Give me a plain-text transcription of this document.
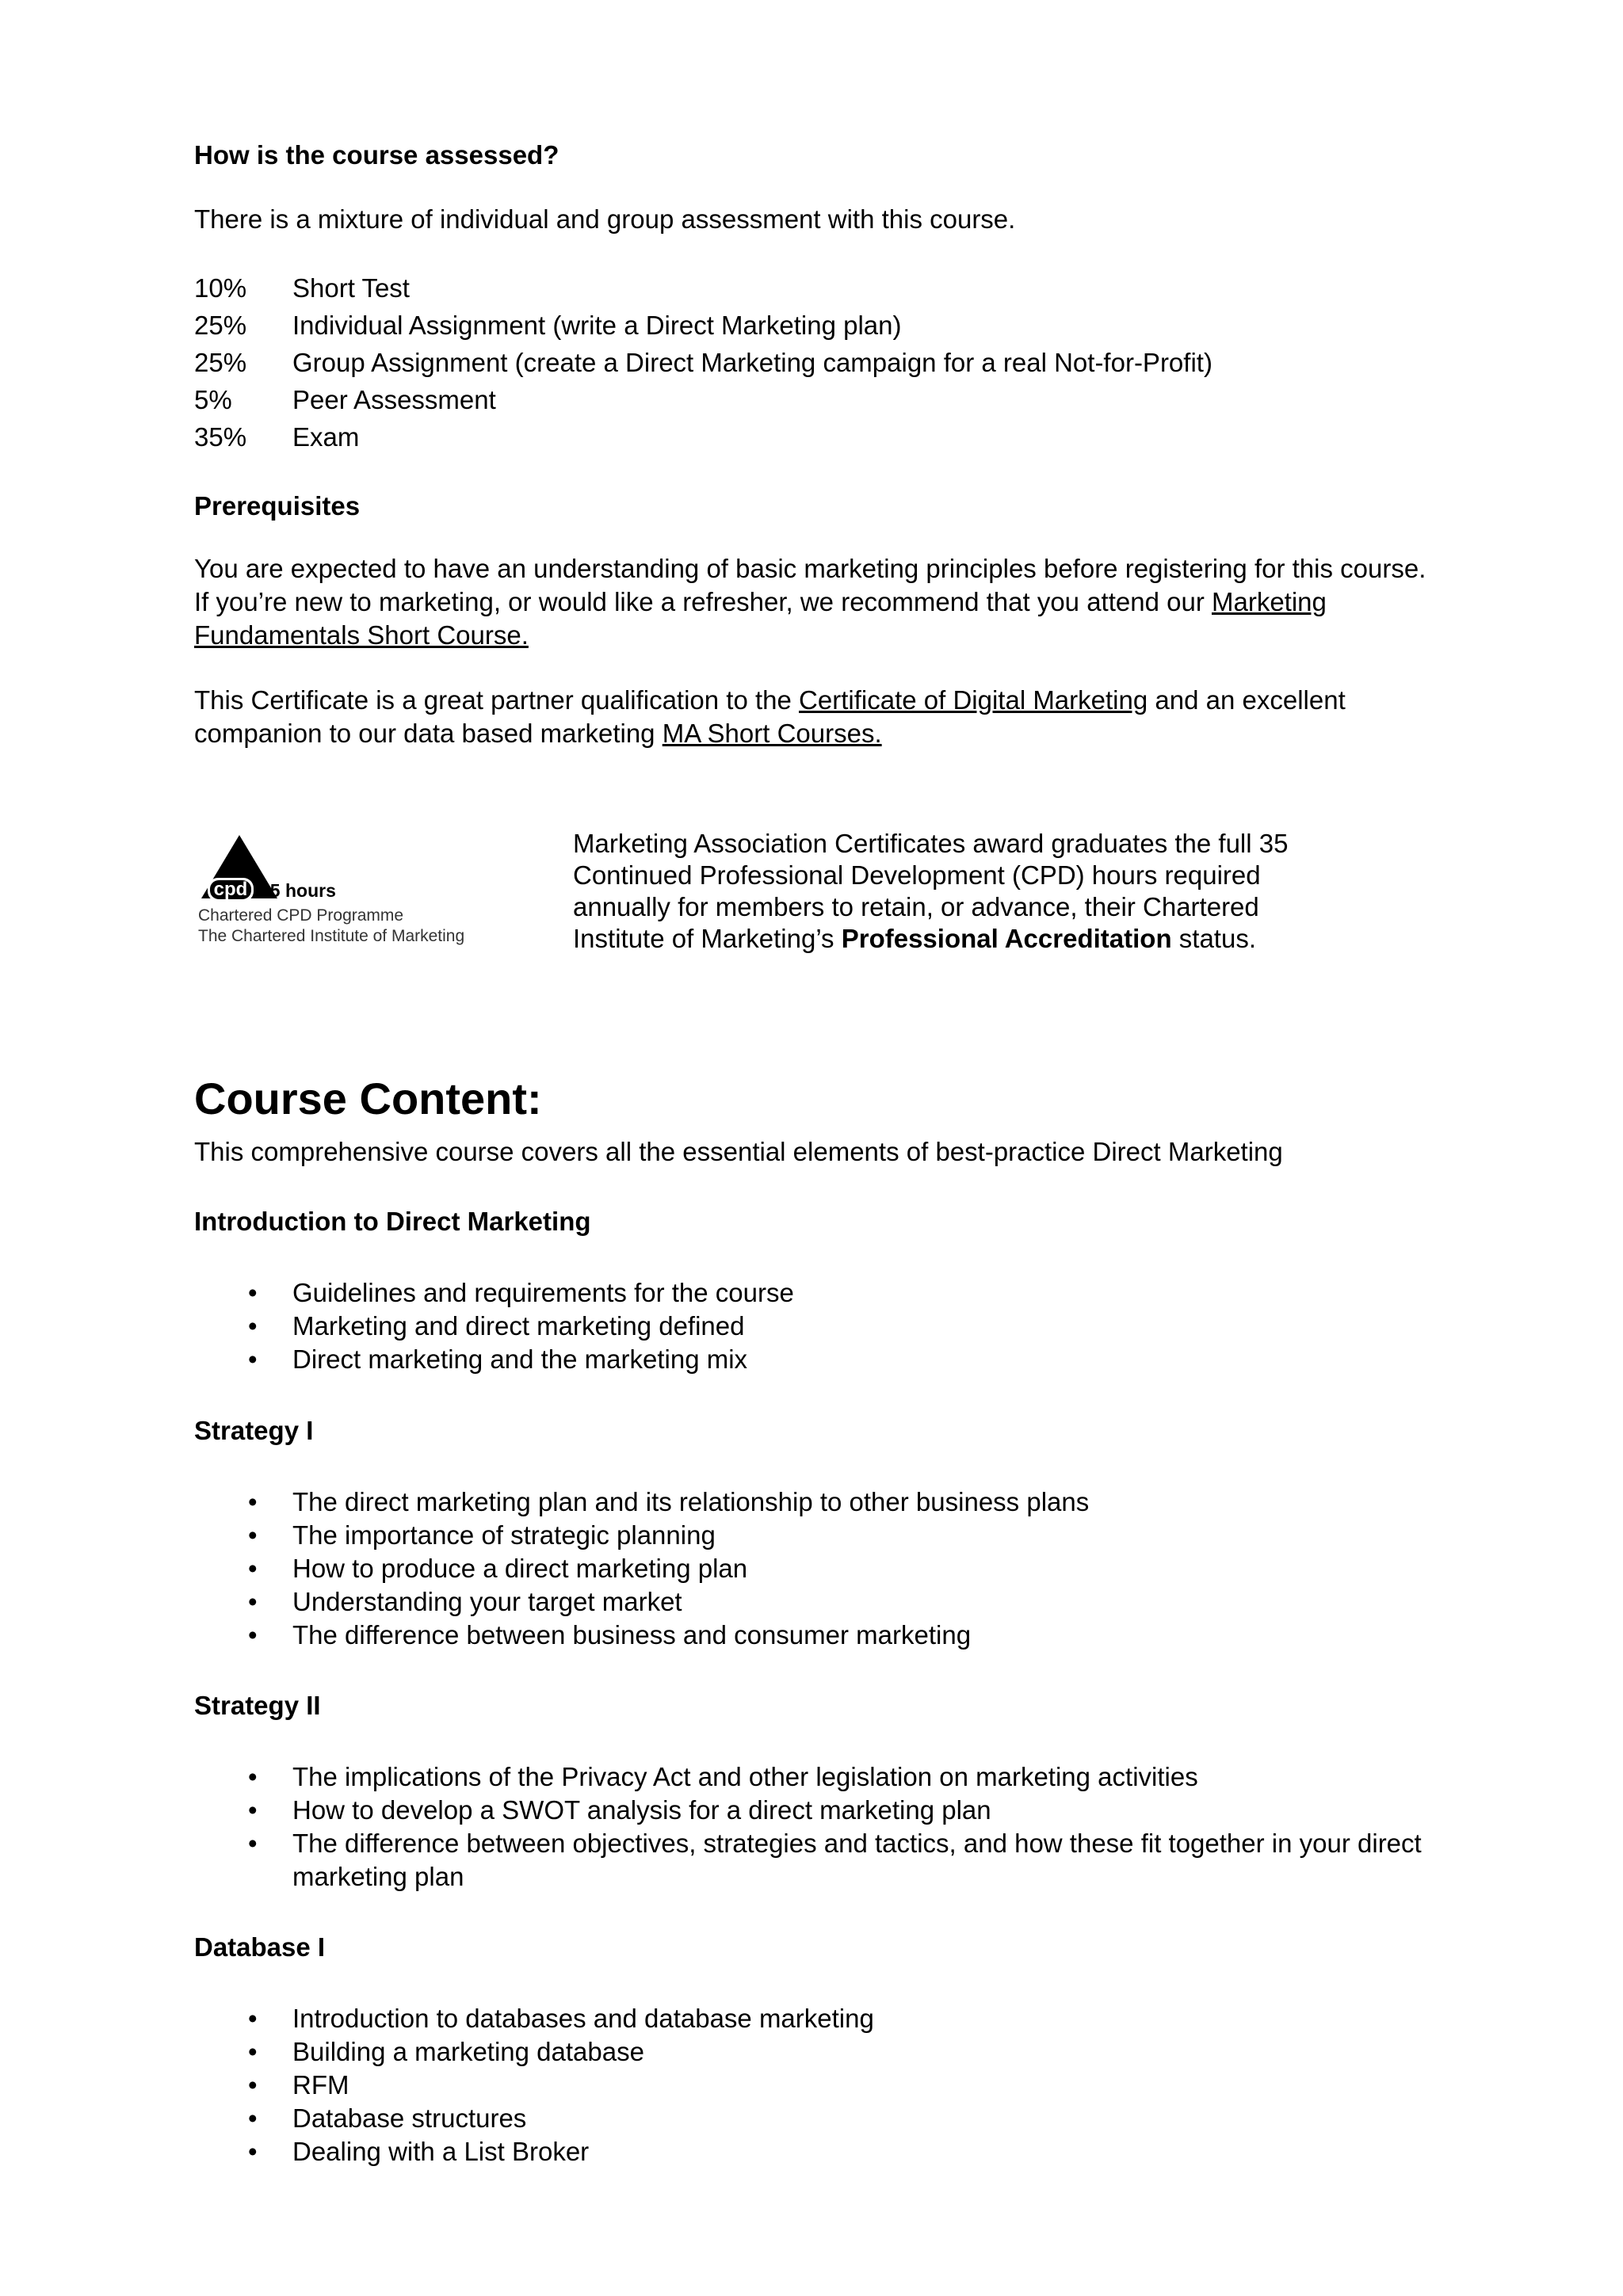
How is the course assessed?
There is a mixture of individual and group assessment with this course.
10% Short Test
25% Individual Assignment (write a Direct Marketing plan)
25% Group Assignment (create a Direct Marketing campaign for a real Not-for-Profit)
5% Peer Assessment
35% Exam
Prerequisites
You are expected to have an understanding of basic marketing principles before registering for this course. If you’re new to marketing, or would like a refresher, we recommend that you attend our Marketing Fundamentals Short Course.
This Certificate is a great partner qualification to the Certificate of Digital Marketing and an excellent companion to our data based marketing MA Short Courses.
cpd 35 hours
Chartered CPD Programme
The Chartered Institute of Marketing
Marketing Association Certificates award graduates the full 35 Continued Professional Development (CPD) hours required annually for members to retain, or advance, their Chartered Institute of Marketing’s Professional Accreditation status.
Course Content:
This comprehensive course covers all the essential elements of best-practice Direct Marketing
Introduction to Direct Marketing
• Guidelines and requirements for the course
• Marketing and direct marketing defined
• Direct marketing and the marketing mix
Strategy I
• The direct marketing plan and its relationship to other business plans
• The importance of strategic planning
• How to produce a direct marketing plan
• Understanding your target market
• The difference between business and consumer marketing
Strategy II
• The implications of the Privacy Act and other legislation on marketing activities
• How to develop a SWOT analysis for a direct marketing plan
• The difference between objectives, strategies and tactics, and how these fit together in your direct marketing plan
Database I
• Introduction to databases and database marketing
• Building a marketing database
• RFM
• Database structures
• Dealing with a List Broker
